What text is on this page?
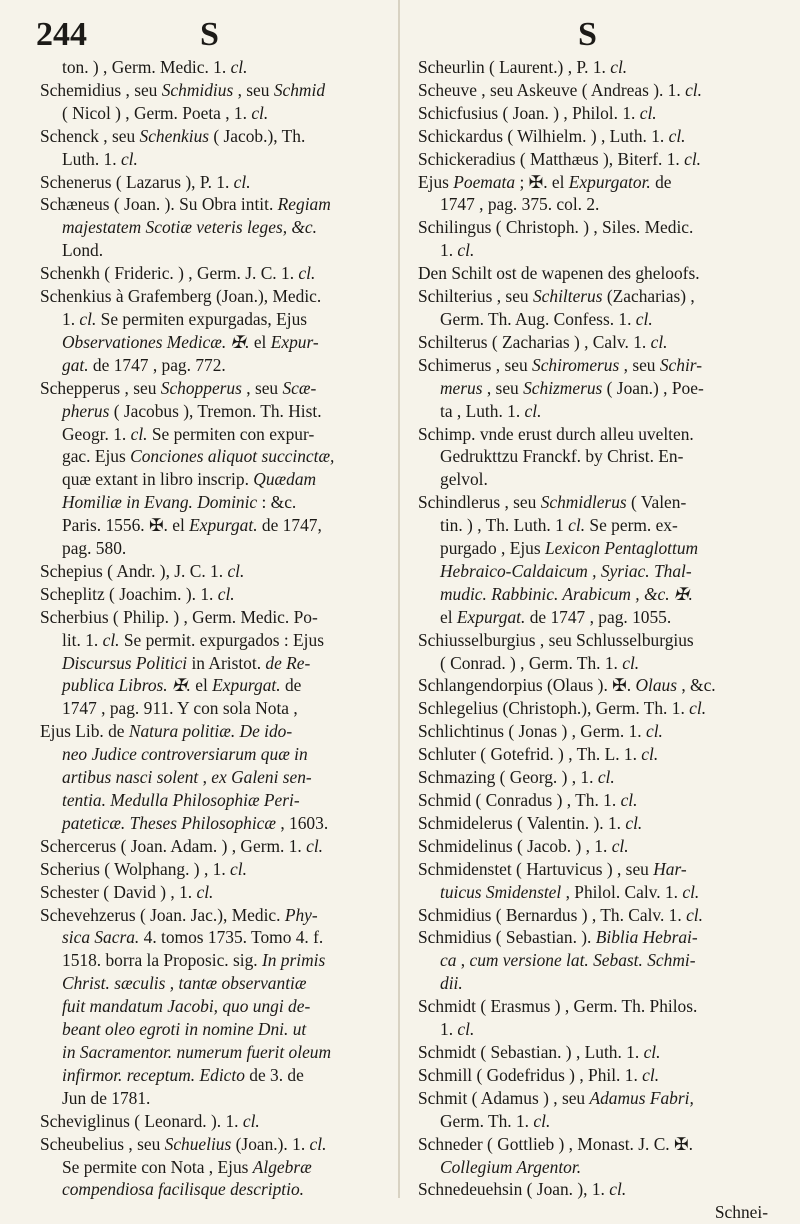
244	S	S
ton. ) , Germ. Medic. 1. cl.
Schemidius , seu Schmidius , seu Schmid
( Nicol ) , Germ. Poeta , 1. cl.
Schenck , seu Schenkius ( Jacob.), Th.
Luth. 1. cl.
Schenerus ( Lazarus ), P. 1. cl.
Schæneus ( Joan. ). Su Obra intit. Regiam
majestatem Scotiæ veteris leges, &c.
Lond.
Schenkh ( Frideric. ) , Germ. J. C. 1. cl.
Schenkius à Grafemberg (Joan.), Medic.
1. cl. Se permiten expurgadas, Ejus
Observationes Medicæ. ✠. el Expur-
gat. de 1747 , pag. 772.
Schepperus , seu Schopperus , seu Scæ-
pherus ( Jacobus ), Tremon. Th. Hist.
Geogr. 1. cl. Se permiten con expur-
gac. Ejus Conciones aliquot succinctæ,
quæ extant in libro inscrip. Quædam
Homiliæ in Evang. Dominic : &c.
Paris. 1556. ✠. el Expurgat. de 1747,
pag. 580.
Schepius ( Andr. ), J. C. 1. cl.
Scheplitz ( Joachim. ). 1. cl.
Scherbius ( Philip. ) , Germ. Medic. Po-
lit. 1. cl. Se permit. expurgados : Ejus
Discursus Politici in Aristot. de Re-
publica Libros. ✠. el Expurgat. de
1747 , pag. 911. Y con sola Nota ,
Ejus Lib. de Natura politiæ. De ido-
neo Judice controversiarum quæ in
artibus nasci solent , ex Galeni sen-
tentia. Medulla Philosophiæ Peri-
pateticæ. Theses Philosophicæ , 1603.
Schercerus ( Joan. Adam. ) , Germ. 1. cl.
Scherius ( Wolphang. ) , 1. cl.
Schester ( David ) , 1. cl.
Schevehzerus ( Joan. Jac.), Medic. Phy-
sica Sacra. 4. tomos 1735. Tomo 4. f.
1518. borra la Proposic. sig. In primis
Christ. sæculis , tantæ observantiæ
fuit mandatum Jacobi, quo ungi de-
beant oleo egroti in nomine Dni. ut
in Sacramentor. numerum fuerit oleum
infirmor. receptum. Edicto de 3. de
Jun de 1781.
Scheviglinus ( Leonard. ). 1. cl.
Scheubelius , seu Schuelius (Joan.). 1. cl.
Se permite con Nota , Ejus Algebræ
compendiosa facilisque descriptio.
Scheurlin ( Laurent.) , P. 1. cl.
Scheuve , seu Askeuve ( Andreas ). 1. cl.
Schicfusius ( Joan. ) , Philol. 1. cl.
Schickardus ( Wilhielm. ) , Luth. 1. cl.
Schickeradius ( Matthæus ), Biterf. 1. cl.
Ejus Poemata ; ✠. el Expurgator. de
1747 , pag. 375. col. 2.
Schilingus ( Christoph. ) , Siles. Medic.
1. cl.
Den Schilt ost de wapenen des gheloofs.
Schilterius , seu Schilterus (Zacharias) ,
Germ. Th. Aug. Confess. 1. cl.
Schilterus ( Zacharias ) , Calv. 1. cl.
Schimerus , seu Schiromerus , seu Schir-
merus , seu Schizmerus ( Joan.) , Poe-
ta , Luth. 1. cl.
Schimp. vnde erust durch alleu uvelten.
Gedrukttzu Franckf. by Christ. En-
gelvol.
Schindlerus , seu Schmidlerus ( Valen-
tin. ) , Th. Luth. 1 cl. Se perm. ex-
purgado , Ejus Lexicon Pentaglottum
Hebraico-Caldaicum , Syriac. Thal-
mudic. Rabbinic. Arabicum , &c. ✠.
el Expurgat. de 1747 , pag. 1055.
Schiusselburgius , seu Schlusselburgius
( Conrad. ) , Germ. Th. 1. cl.
Schlangendorpius (Olaus ). ✠. Olaus , &c.
Schlegelius (Christoph.), Germ. Th. 1. cl.
Schlichtinus ( Jonas ) , Germ. 1. cl.
Schluter ( Gotefrid. ) , Th. L. 1. cl.
Schmazing ( Georg. ) , 1. cl.
Schmid ( Conradus ) , Th. 1. cl.
Schmidelerus ( Valentin. ). 1. cl.
Schmidelinus ( Jacob. ) , 1. cl.
Schmidenstet ( Hartuvicus ) , seu Har-
tuicus Smidenstel , Philol. Calv. 1. cl.
Schmidius ( Bernardus ) , Th. Calv. 1. cl.
Schmidius ( Sebastian. ). Biblia Hebrai-
ca , cum versione lat. Sebast. Schmi-
dii.
Schmidt ( Erasmus ) , Germ. Th. Philos.
1. cl.
Schmidt ( Sebastian. ) , Luth. 1. cl.
Schmill ( Godefridus ) , Phil. 1. cl.
Schmit ( Adamus ) , seu Adamus Fabri,
Germ. Th. 1. cl.
Schneder ( Gottlieb ) , Monast. J. C. ✠.
Collegium Argentor.
Schnedeuehsin ( Joan. ), 1. cl.
Schnei-
